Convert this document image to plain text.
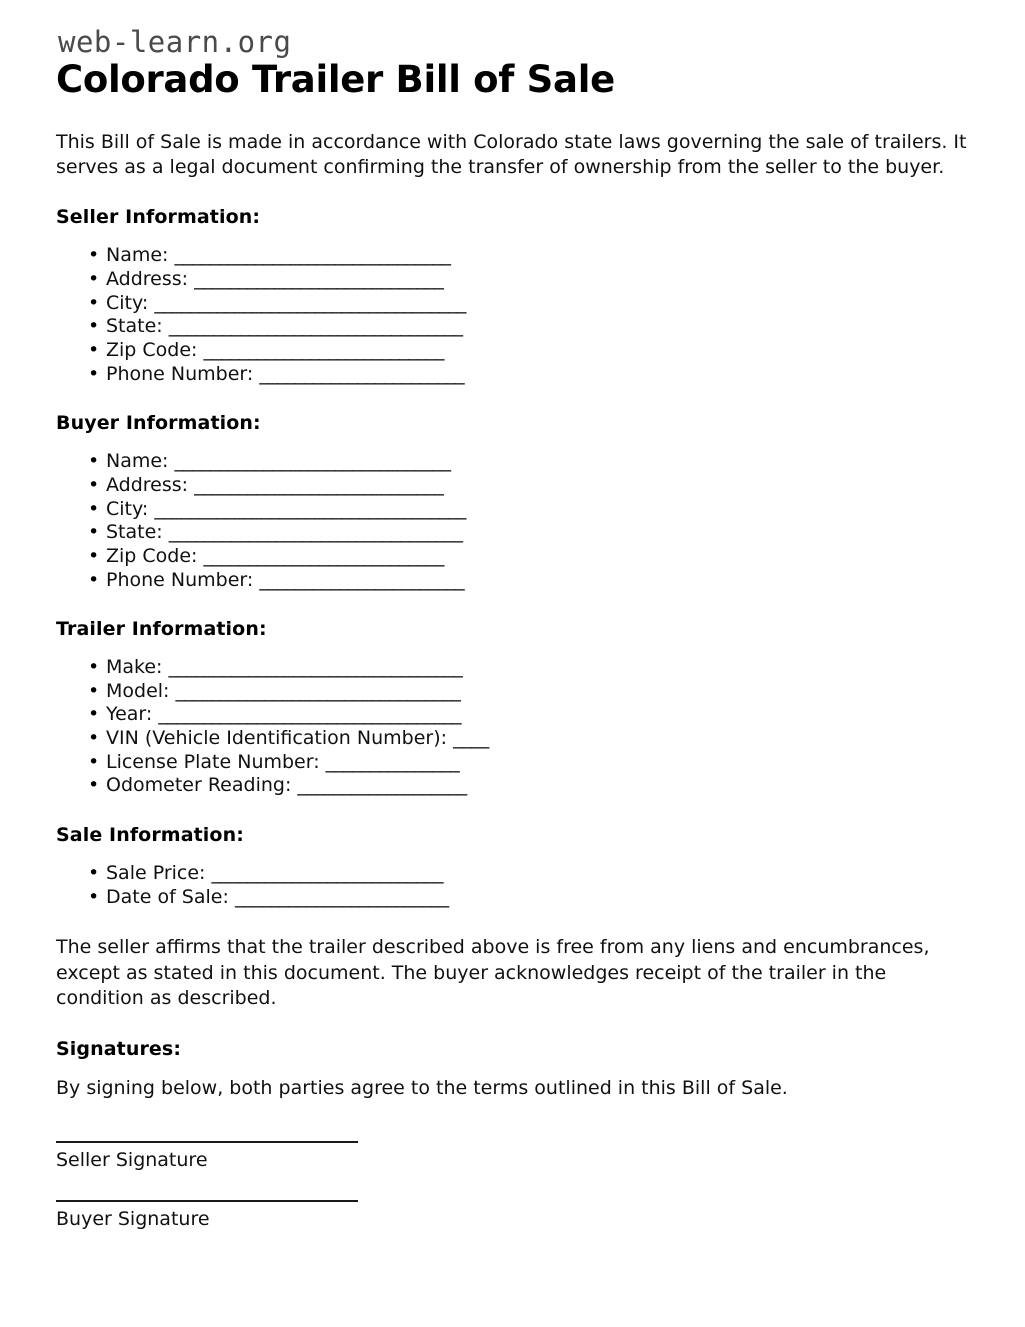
web-learn.org
Colorado Trailer Bill of Sale

This Bill of Sale is made in accordance with Colorado state laws governing the sale of trailers. It serves as a legal document confirming the transfer of ownership from the seller to the buyer.

Seller Information:
• Name: _______________________________
• Address: ____________________________
• City: ___________________________________
• State: _________________________________
• Zip Code: ___________________________
• Phone Number: _______________________
Buyer Information:
• Name: _______________________________
• Address: ____________________________
• City: ___________________________________
• State: _________________________________
• Zip Code: ___________________________
• Phone Number: _______________________
Trailer Information:
• Make: _________________________________
• Model: ________________________________
• Year: __________________________________
• VIN (Vehicle Identification Number): ____
• License Plate Number: _______________
• Odometer Reading: ___________________
Sale Information:
• Sale Price: __________________________
• Date of Sale: ________________________

The seller affirms that the trailer described above is free from any liens and encumbrances, except as stated in this document. The buyer acknowledges receipt of the trailer in the condition as described.

Signatures:

By signing below, both parties agree to the terms outlined in this Bill of Sale.

Seller Signature
Buyer Signature
